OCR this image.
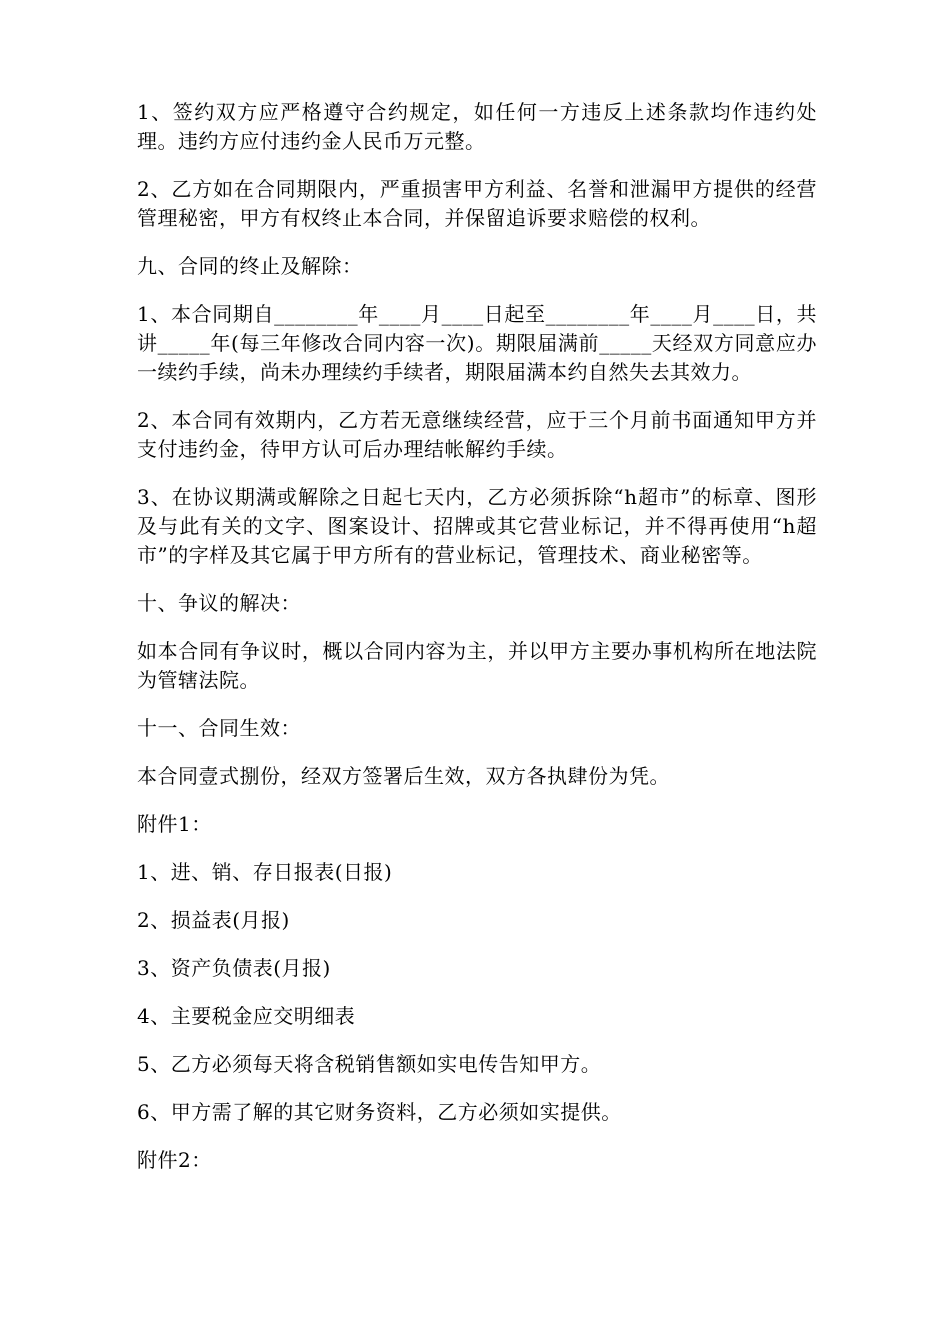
1、签约双方应严格遵守合约规定，如任何一方违反上述条款均作违约处理。违约方应付违约金人民币万元整。

2、乙方如在合同期限内，严重损害甲方利益、名誉和泄漏甲方提供的经营管理秘密，甲方有权终止本合同，并保留追诉要求赔偿的权利。

九、合同的终止及解除：

1、本合同期自________年____月____日起至________年____月____日，共讲_____年(每三年修改合同内容一次)。期限届满前_____天经双方同意应办一续约手续，尚未办理续约手续者，期限届满本约自然失去其效力。

2、本合同有效期内，乙方若无意继续经营，应于三个月前书面通知甲方并支付违约金，待甲方认可后办理结帐解约手续。

3、在协议期满或解除之日起七天内，乙方必须拆除“h超市”的标章、图形及与此有关的文字、图案设计、招牌或其它营业标记，并不得再使用“h超市”的字样及其它属于甲方所有的营业标记，管理技术、商业秘密等。

十、争议的解决：

如本合同有争议时，概以合同内容为主，并以甲方主要办事机构所在地法院为管辖法院。

十一、合同生效：

本合同壹式捌份，经双方签署后生效，双方各执肆份为凭。

附件1：

1、进、销、存日报表(日报)

2、损益表(月报)

3、资产负债表(月报)

4、主要税金应交明细表

5、乙方必须每天将含税销售额如实电传告知甲方。

6、甲方需了解的其它财务资料，乙方必须如实提供。

附件2：
